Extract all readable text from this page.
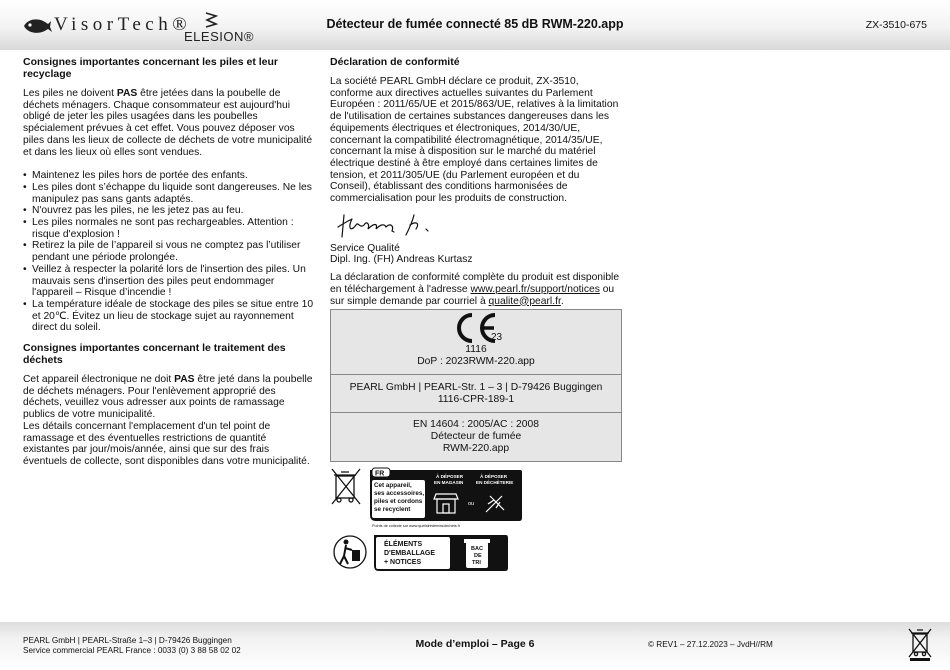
VisorTech®
ELESION®
Détecteur de fumée connecté 85 dB RWM-220.app	ZX-3510-675
Consignes importantes concernant les piles et leur recyclage

Les piles ne doivent PAS être jetées dans la poubelle de déchets ménagers. Chaque consommateur est aujourd'hui obligé de jeter les piles usagées dans les poubelles spécialement prévues à cet effet. Vous pouvez déposer vos piles dans les lieux de collecte de déchets de votre municipalité et dans les lieux où elles sont vendues.

• Maintenez les piles hors de portée des enfants.
• Les piles dont s’échappe du liquide sont dangereuses. Ne les manipulez pas sans gants adaptés.
• N'ouvrez pas les piles, ne les jetez pas au feu.
• Les piles normales ne sont pas rechargeables. Attention : risque d'explosion !
• Retirez la pile de l’appareil si vous ne comptez pas l’utiliser pendant une période prolongée.
• Veillez à respecter la polarité lors de l'insertion des piles. Un mauvais sens d'insertion des piles peut endommager l'appareil – Risque d’incendie !
• La température idéale de stockage des piles se situe entre 10 et 20℃. Évitez un lieu de stockage sujet au rayonnement direct du soleil.
Consignes importantes concernant le traitement des déchets

Cet appareil électronique ne doit PAS être jeté dans la poubelle de déchets ménagers. Pour l'enlèvement approprié des déchets, veuillez vous adresser aux points de ramassage publics de votre municipalité.

Les détails concernant l'emplacement d'un tel point de ramassage et des éventuelles restrictions de quantité existantes par jour/mois/année, ainsi que sur des frais éventuels de collecte, sont disponibles dans votre municipalité.

Déclaration de conformité

La société PEARL GmbH déclare ce produit, ZX-3510, conforme aux directives actuelles suivantes du Parlement Européen : 2011/65/UE et 2015/863/UE, relatives à la limitation de l'utilisation de certaines substances dangereuses dans les équipements électriques et électroniques, 2014/30/UE, concernant la compatibilité électromagnétique, 2014/35/UE, concernant la mise à disposition sur le marché du matériel électrique destiné à être employé dans certaines limites de tension, et 2011/305/UE (du Parlement européen et du Conseil), établissant des conditions harmonisées de commercialisation pour les produits de construction.

Service Qualité
Dipl. Ing. (FH) Andreas Kurtasz

La déclaration de conformité complète du produit est disponible en téléchargement à l'adresse www.pearl.fr/support/notices ou sur simple demande par courriel à qualite@pearl.fr.

23
1116
DoP : 2023RWM-220.app
PEARL GmbH | PEARL-Str. 1 – 3 | D-79426 Buggingen
1116-CPR-189-1
EN 14604 : 2005/AC : 2008
Détecteur de fumée
RWM-220.app
FR
Cet appareil, ses accessoires, piles et cordons se recyclent
À DÉPOSER EN MAGASIN À DÉPOSER EN DÉCHÈTERIE
ou
Points de collecte sur www.quefairedemesdechets.fr
ÉLÉMENTS D'EMBALLAGE + NOTICES
BAC DE TRI
PEARL GmbH | PEARL-Straße 1–3 | D-79426 Buggingen
Service commercial PEARL France : 0033 (0) 3 88 58 02 02
Mode d’emploi – Page 6	© REV1 – 27.12.2023 – JvdH//RM
